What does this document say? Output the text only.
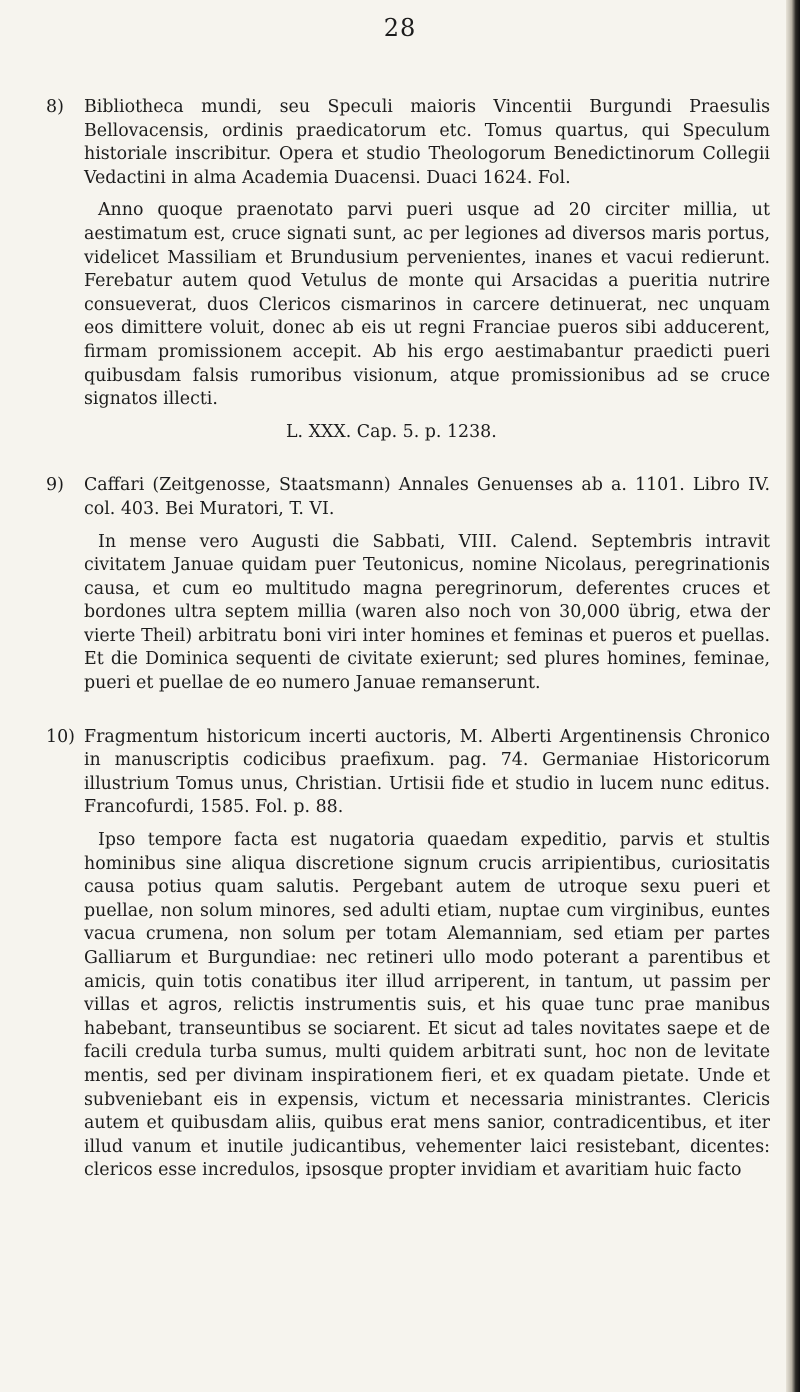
28
8)	Bibliotheca mundi, seu Speculi maioris Vincentii Burgundi Praesulis Bellovacensis, ordinis praedicatorum etc. Tomus quartus, qui Speculum historiale inscribitur. Opera et studio Theologorum Benedictinorum Collegii Vedactini in alma Academia Duacensi. Duaci 1624. Fol.
Anno quoque praenotato parvi pueri usque ad 20 circiter millia, ut aestimatum est, cruce signati sunt, ac per legiones ad diversos maris portus, videlicet Massiliam et Brundusium pervenientes, inanes et vacui redierunt. Ferebatur autem quod Vetulus de monte qui Arsacidas a pueritia nutrire consueverat, duos Clericos cismarinos in carcere detinuerat, nec unquam eos dimittere voluit, donec ab eis ut regni Franciae pueros sibi adducerent, firmam promissionem accepit. Ab his ergo aestimabantur praedicti pueri quibusdam falsis rumoribus visionum, atque promissionibus ad se cruce signatos illecti.
L. XXX. Cap. 5. p. 1238.
9)	Caffari (Zeitgenosse, Staatsmann) Annales Genuenses ab a. 1101. Libro IV. col. 403. Bei Muratori, T. VI.
In mense vero Augusti die Sabbati, VIII. Calend. Septembris intravit civitatem Januae quidam puer Teutonicus, nomine Nicolaus, peregrinationis causa, et cum eo multitudo magna peregrinorum, deferentes cruces et bordones ultra septem millia (waren also noch von 30,000 übrig, etwa der vierte Theil) arbitratu boni viri inter homines et feminas et pueros et puellas. Et die Dominica sequenti de civitate exierunt; sed plures homines, feminae, pueri et puellae de eo numero Januae remanserunt.
10) Fragmentum historicum incerti auctoris, M. Alberti Argentinensis Chronico in manuscriptis codicibus praefixum. pag. 74. Germaniae Historicorum illustrium Tomus unus, Christian. Urtisii fide et studio in lucem nunc editus. Francofurdi, 1585. Fol. p. 88.
Ipso tempore facta est nugatoria quaedam expeditio, parvis et stultis hominibus sine aliqua discretione signum crucis arripientibus, curiositatis causa potius quam salutis. Pergebant autem de utroque sexu pueri et puellae, non solum minores, sed adulti etiam, nuptae cum virginibus, euntes vacua crumena, non solum per totam Alemanniam, sed etiam per partes Galliarum et Burgundiae: nec retineri ullo modo poterant a parentibus et amicis, quin totis conatibus iter illud arriperent, in tantum, ut passim per villas et agros, relictis instrumentis suis, et his quae tunc prae manibus habebant, transeuntibus se sociarent. Et sicut ad tales novitates saepe et de facili credula turba sumus, multi quidem arbitrati sunt, hoc non de levitate mentis, sed per divinam inspirationem fieri, et ex quadam pietate. Unde et subveniebant eis in expensis, victum et necessaria ministrantes. Clericis autem et quibusdam aliis, quibus erat mens sanior, contradicentibus, et iter illud vanum et inutile judicantibus, vehementer laici resistebant, dicentes: clericos esse incredulos, ipsosque propter invidiam et avaritiam huic facto
